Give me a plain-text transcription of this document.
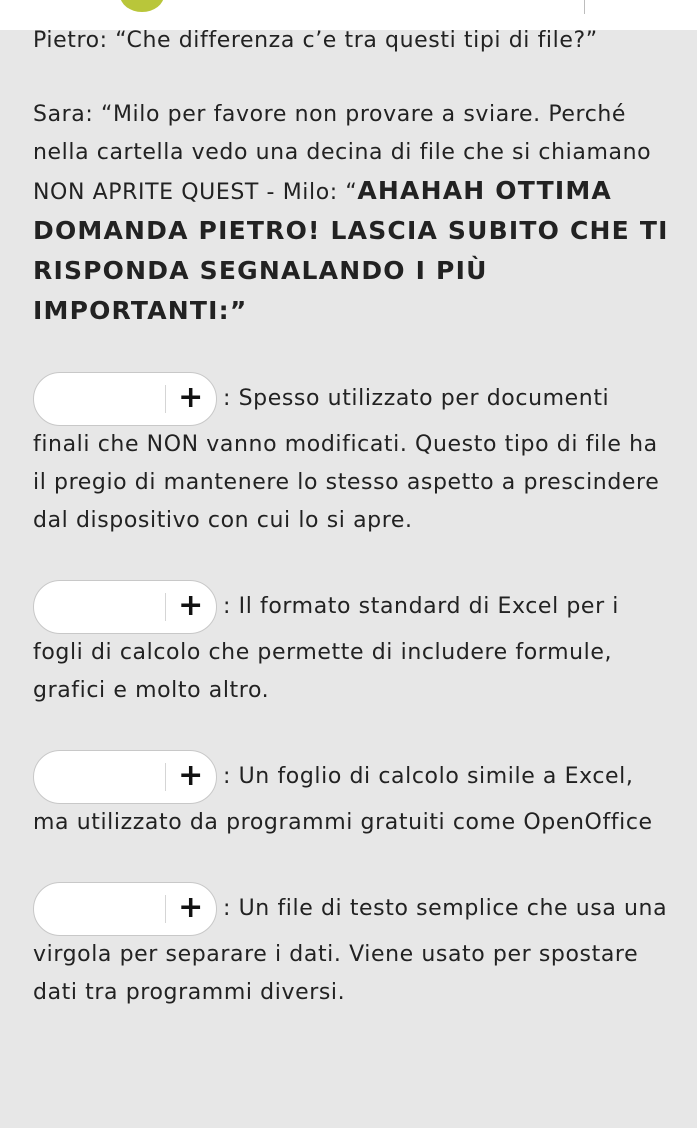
Pietro: “Che differenza c’e tra questi tipi di file?”

Sara: “Milo per favore non provare a sviare. Perché nella cartella vedo una decina di file che si chiamano NON APRITE QUEST - Milo: “AHAHAH OTTIMA DOMANDA PIETRO! LASCIA SUBITO CHE TI RISPONDA SEGNALANDO I PIÙ IMPORTANTI:”

+ : Spesso utilizzato per documenti finali che NON vanno modificati. Questo tipo di file ha il pregio di mantenere lo stesso aspetto a prescindere dal dispositivo con cui lo si apre.

+ : Il formato standard di Excel per i fogli di calcolo che permette di includere formule, grafici e molto altro.

+ : Un foglio di calcolo simile a Excel, ma utilizzato da programmi gratuiti come OpenOffice

+ : Un file di testo semplice che usa una virgola per separare i dati. Viene usato per spostare dati tra programmi diversi.
